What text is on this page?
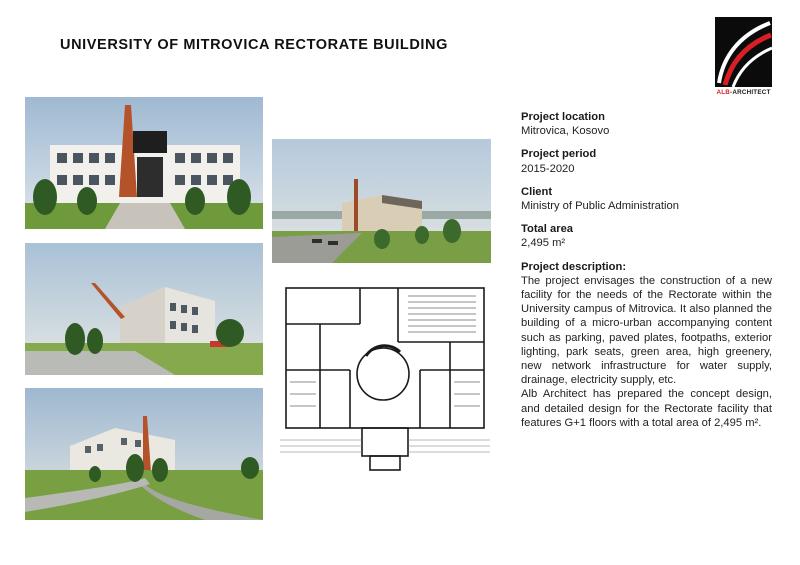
UNIVERSITY OF MITROVICA RECTORATE BUILDING
ALB-ARCHITECT
Project location
Mitrovica, Kosovo
Project period
2015-2020
Client
Ministry of Public Administration
Total area
2,495 m²
Project description:

The project envisages the construction of a new facility for the needs of the Rectorate within the University campus of Mitrovica. It also planned the building of a micro-urban accompanying content such as parking, paved plates, footpaths, exterior lighting, park seats, green area, high greenery, new network infrastructure for water supply, drainage, electricity supply, etc.

Alb Architect has prepared the concept design, and detailed design for the Rectorate facility that features G+1 floors with a total area of 2,495 m².
